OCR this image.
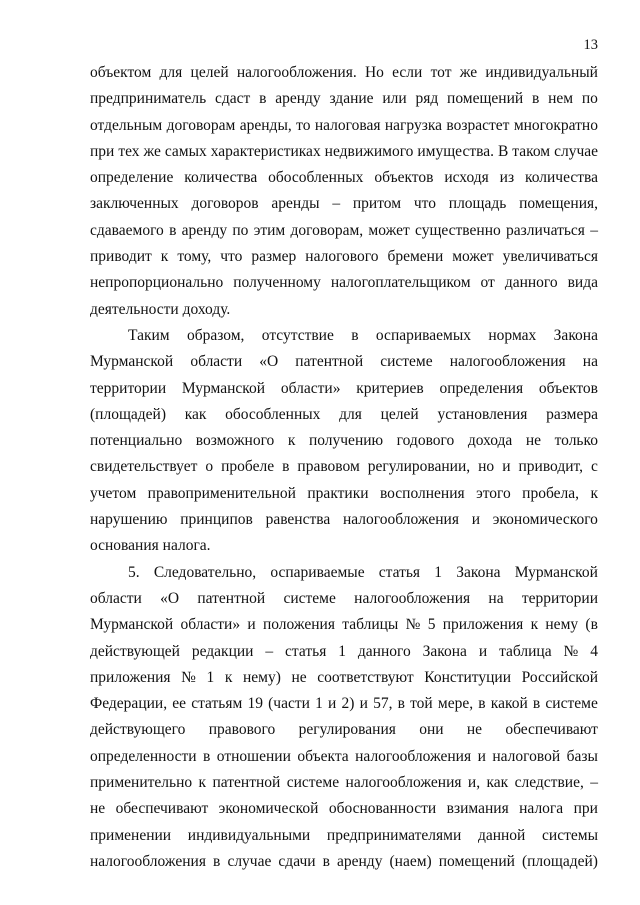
13
объектом для целей налогообложения. Но если тот же индивидуальный
предприниматель сдаст в аренду здание или ряд помещений в нем по
отдельным договорам аренды, то налоговая нагрузка возрастет многократно
при тех же самых характеристиках недвижимого имущества. В таком случае
определение количества обособленных объектов исходя из количества
заключенных договоров аренды – притом что площадь помещения,
сдаваемого в аренду по этим договорам, может существенно различаться –
приводит к тому, что размер налогового бремени может увеличиваться
непропорционально полученному налогоплательщиком от данного вида
деятельности доходу.
Таким образом, отсутствие в оспариваемых нормах Закона
Мурманской области «О патентной системе налогообложения на
территории Мурманской области» критериев определения объектов
(площадей) как обособленных для целей установления размера
потенциально возможного к получению годового дохода не только
свидетельствует о пробеле в правовом регулировании, но и приводит, с
учетом правоприменительной практики восполнения этого пробела, к
нарушению принципов равенства налогообложения и экономического
основания налога.
5. Следовательно, оспариваемые статья 1 Закона Мурманской
области «О патентной системе налогообложения на территории
Мурманской области» и положения таблицы № 5 приложения к нему (в
действующей редакции – статья 1 данного Закона и таблица № 4
приложения № 1 к нему) не соответствуют Конституции Российской
Федерации, ее статьям 19 (части 1 и 2) и 57, в той мере, в какой в системе
действующего правового регулирования они не обеспечивают
определенности в отношении объекта налогообложения и налоговой базы
применительно к патентной системе налогообложения и, как следствие, –
не обеспечивают экономической обоснованности взимания налога при
применении индивидуальными предпринимателями данной системы
налогообложения в случае сдачи в аренду (наем) помещений (площадей)
